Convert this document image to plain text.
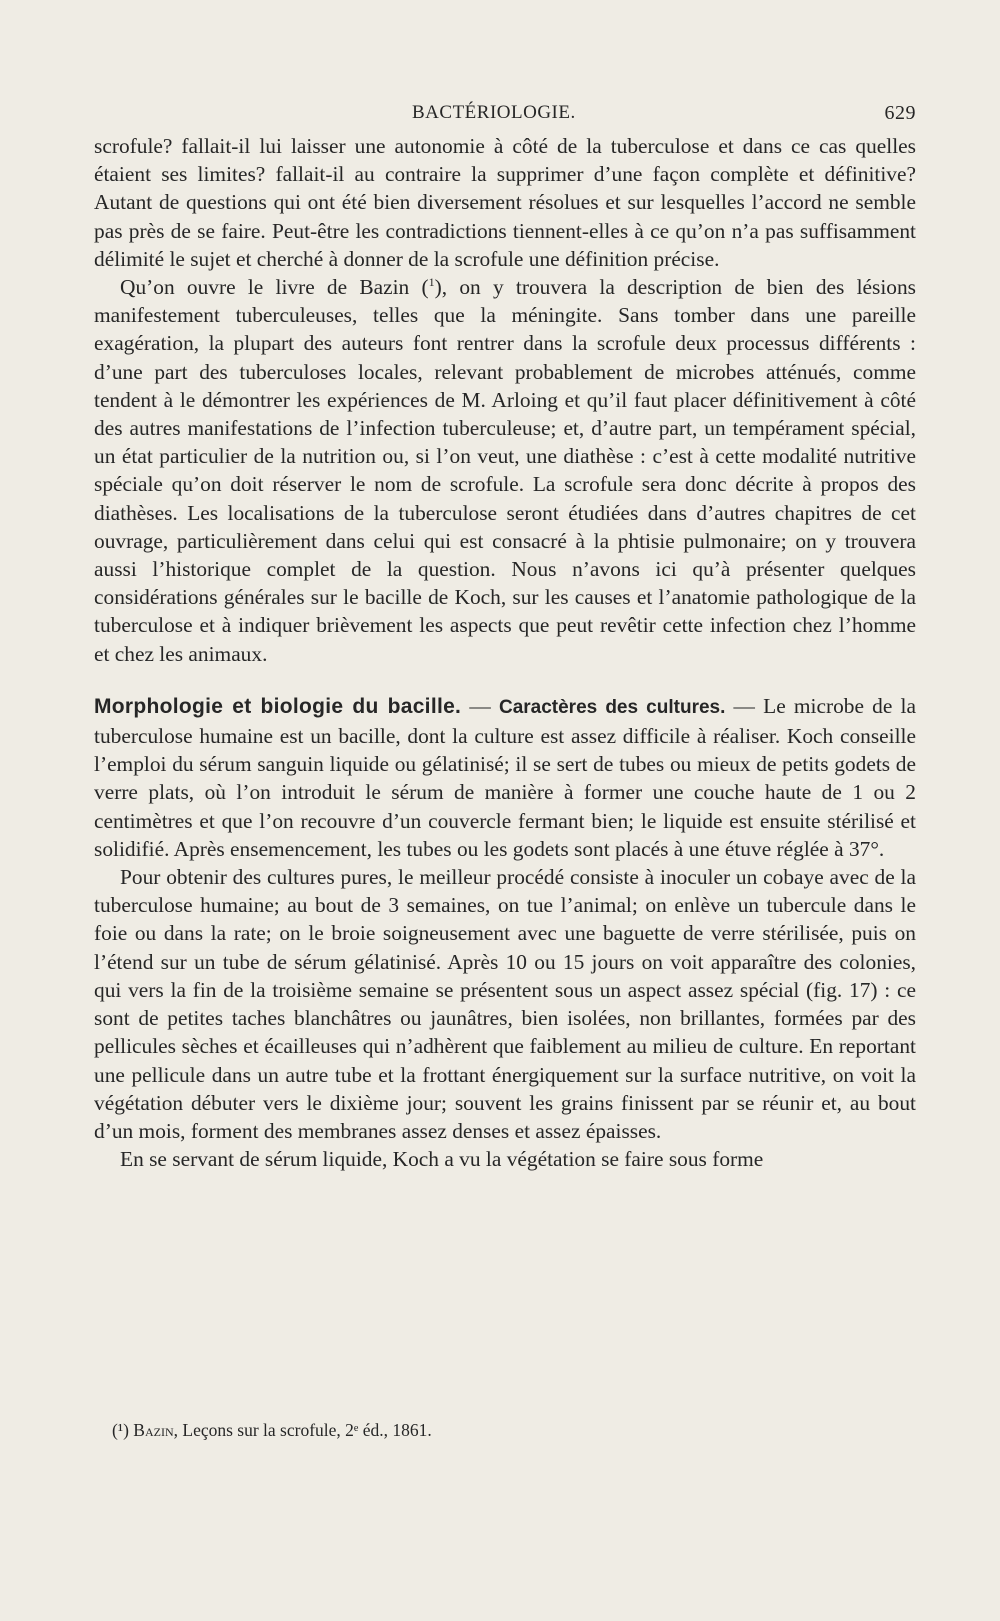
BACTÉRIOLOGIE.	629

scrofule? fallait-il lui laisser une autonomie à côté de la tuberculose et dans ce cas quelles étaient ses limites? fallait-il au contraire la supprimer d’une façon complète et définitive? Autant de questions qui ont été bien diversement résolues et sur lesquelles l’accord ne semble pas près de se faire. Peut-être les contradictions tiennent-elles à ce qu’on n’a pas suffisamment délimité le sujet et cherché à donner de la scrofule une définition précise.

Qu’on ouvre le livre de Bazin ($^1$), on y trouvera la description de bien des lésions manifestement tuberculeuses, telles que la méningite. Sans tomber dans une pareille exagération, la plupart des auteurs font rentrer dans la scrofule deux processus différents : d’une part des tuberculoses locales, relevant probablement de microbes atténués, comme tendent à le démontrer les expériences de M. Arloing et qu’il faut placer définitivement à côté des autres manifestations de l’infection tuberculeuse; et, d’autre part, un tempérament spécial, un état particulier de la nutrition ou, si l’on veut, une diathèse : c’est à cette modalité nutritive spéciale qu’on doit réserver le nom de scrofule. La scrofule sera donc décrite à propos des diathèses. Les localisations de la tuberculose seront étudiées dans d’autres chapitres de cet ouvrage, particulièrement dans celui qui est consacré à la phtisie pulmonaire; on y trouvera aussi l’historique complet de la question. Nous n’avons ici qu’à présenter quelques considérations générales sur le bacille de Koch, sur les causes et l’anatomie pathologique de la tuberculose et à indiquer brièvement les aspects que peut revêtir cette infection chez l’homme et chez les animaux.

Morphologie et biologie du bacille. — Caractères des cultures. — Le microbe de la tuberculose humaine est un bacille, dont la culture est assez difficile à réaliser. Koch conseille l’emploi du sérum sanguin liquide ou gélatinisé; il se sert de tubes ou mieux de petits godets de verre plats, où l’on introduit le sérum de manière à former une couche haute de 1 ou 2 centimètres et que l’on recouvre d’un couvercle fermant bien; le liquide est ensuite stérilisé et solidifié. Après ensemencement, les tubes ou les godets sont placés à une étuve réglée à 37°.

Pour obtenir des cultures pures, le meilleur procédé consiste à inoculer un cobaye avec de la tuberculose humaine; au bout de 3 semaines, on tue l’animal; on enlève un tubercule dans le foie ou dans la rate; on le broie soigneusement avec une baguette de verre stérilisée, puis on l’étend sur un tube de sérum gélatinisé. Après 10 ou 15 jours on voit apparaître des colonies, qui vers la fin de la troisième semaine se présentent sous un aspect assez spécial (fig. 17) : ce sont de petites taches blanchâtres ou jaunâtres, bien isolées, non brillantes, formées par des pellicules sèches et écailleuses qui n’adhèrent que faiblement au milieu de culture. En reportant une pellicule dans un autre tube et la frottant énergiquement sur la surface nutritive, on voit la végétation débuter vers le dixième jour; souvent les grains finissent par se réunir et, au bout d’un mois, forment des membranes assez denses et assez épaisses.

En se servant de sérum liquide, Koch a vu la végétation se faire sous forme

(¹) Bazin, Leçons sur la scrofule, 2ᵉ éd., 1861.
